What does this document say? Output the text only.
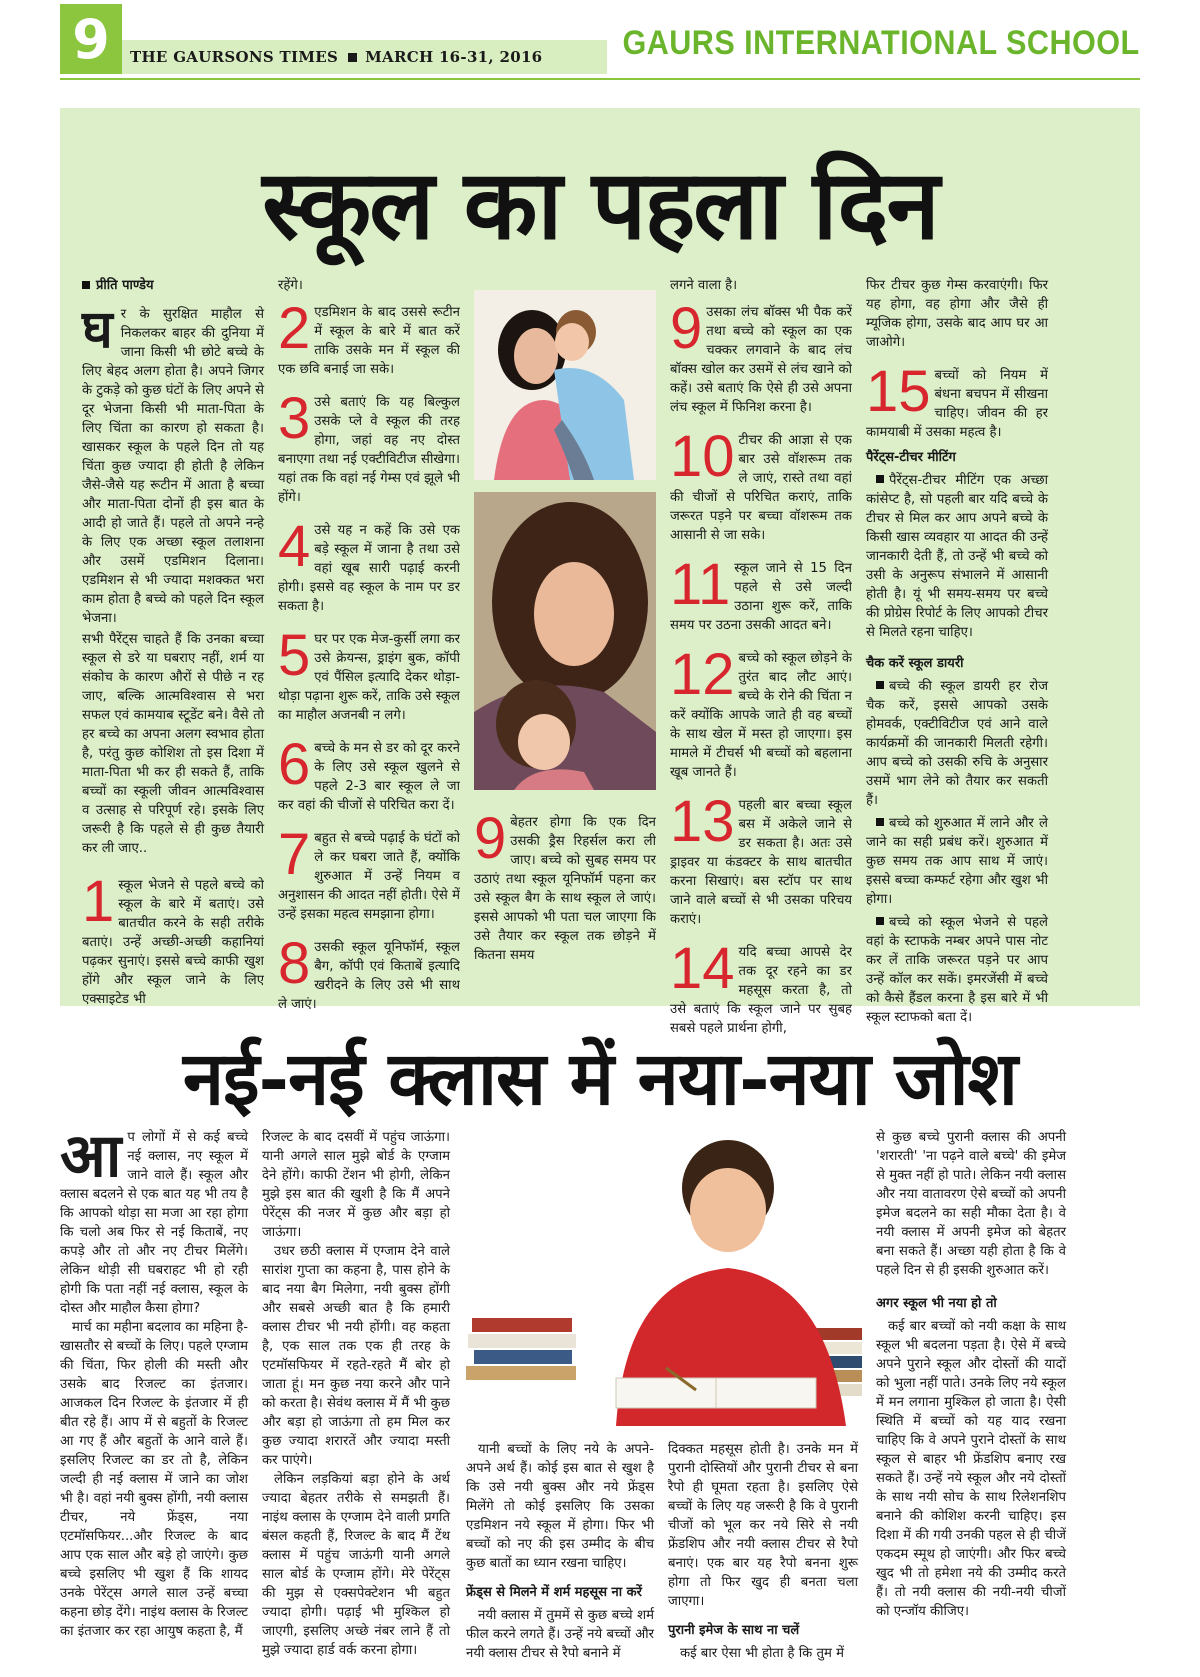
9	THE GAURSONS TIMES MARCH 16-31, 2016 GAURS INTERNATIONAL SCHOOL
स्कूल का पहला दिन
प्रीति पाण्डेय

घर के सुरक्षित माहौल से निकलकर बाहर की दुनिया में जाना किसी भी छोटे बच्चे के लिए बेहद अलग होता है। अपने जिगर के टुकड़े को कुछ घंटों के लिए अपने से दूर भेजना किसी भी माता-पिता के लिए चिंता का कारण हो सकता है। खासकर स्कूल के पहले दिन तो यह चिंता कुछ ज्यादा ही होती है लेकिन जैसे-जैसे यह रूटीन में आता है बच्चा और माता-पिता दोनों ही इस बात के आदी हो जाते हैं। पहले तो अपने नन्हे के लिए एक अच्छा स्कूल तलाशना और उसमें एडमिशन दिलाना। एडमिशन से भी ज्यादा मशक्कत भरा काम होता है बच्चे को पहले दिन स्कूल भेजना।

सभी पैरेंट्स चाहते हैं कि उनका बच्चा स्कूल से डरे या घबराए नहीं, शर्म या संकोच के कारण औरों से पीछे न रह जाए, बल्कि आत्मविश्वास से भरा सफल एवं कामयाब स्टूडेंट बने। वैसे तो हर बच्चे का अपना अलग स्वभाव होता है, परंतु कुछ कोशिश तो इस दिशा में माता-पिता भी कर ही सकते हैं, ताकि बच्चों का स्कूली जीवन आत्मविश्वास व उत्साह से परिपूर्ण रहे। इसके लिए जरूरी है कि पहले से ही कुछ तैयारी कर ली जाए..

1 स्कूल भेजने से पहले बच्चे को स्कूल के बारे में बताएं। उसे बातचीत करने के सही तरीके बताएं। उन्हें अच्छी-अच्छी कहानियां पढ़कर सुनाएं। इससे बच्चे काफी खुश होंगे और स्कूल जाने के लिए एक्साइटेड भी

रहेंगे।

2 एडमिशन के बाद उससे रूटीन में स्कूल के बारे में बात करें ताकि उसके मन में स्कूल की एक छवि बनाई जा सके।
3 उसे बताएं कि यह बिल्कुल उसके प्ले वे स्कूल की तरह होगा, जहां वह नए दोस्त बनाएगा तथा नई एक्टीविटीज सीखेगा। यहां तक कि वहां नई गेम्स एवं झूले भी होंगे।
4 उसे यह न कहें कि उसे एक बड़े स्कूल में जाना है तथा उसे वहां खूब सारी पढ़ाई करनी होगी। इससे वह स्कूल के नाम पर डर सकता है।
5 घर पर एक मेज-कुर्सी लगा कर उसे क्रेयन्स, ड्राइंग बुक, कॉपी एवं पैंसिल इत्यादि देकर थोड़ा-थोड़ा पढ़ाना शुरू करें, ताकि उसे स्कूल का माहौल अजनबी न लगे।
6 बच्चे के मन से डर को दूर करने के लिए उसे स्कूल खुलने से पहले 2-3 बार स्कूल ले जा कर वहां की चीजों से परिचित करा दें।
7 बहुत से बच्चे पढ़ाई के घंटों को ले कर घबरा जाते हैं, क्योंकि शुरुआत में उन्हें नियम व अनुशासन की आदत नहीं होती। ऐसे में उन्हें इसका महत्व समझाना होगा।
8 उसकी स्कूल यूनिफॉर्म, स्कूल बैग, कॉपी एवं किताबें इत्यादि खरीदने के लिए उसे भी साथ ले जाएं।
9 बेहतर होगा कि एक दिन उसकी ड्रैस रिहर्सल करा ली जाए। बच्चे को सुबह समय पर उठाएं तथा स्कूल यूनिफॉर्म पहना कर उसे स्कूल बैग के साथ स्कूल ले जाएं। इससे आपको भी पता चल जाएगा कि उसे तैयार कर स्कूल तक छोड़ने में कितना समय

लगने वाला है।

9 उसका लंच बॉक्स भी पैक करें तथा बच्चे को स्कूल का एक चक्कर लगवाने के बाद लंच बॉक्स खोल कर उसमें से लंच खाने को कहें। उसे बताएं कि ऐसे ही उसे अपना लंच स्कूल में फिनिश करना है।
10 टीचर की आज्ञा से एक बार उसे वॉशरूम तक ले जाएं, रास्ते तथा वहां की चीजों से परिचित कराएं, ताकि जरूरत पड़ने पर बच्चा वॉशरूम तक आसानी से जा सके।
11 स्कूल जाने से 15 दिन पहले से उसे जल्दी उठाना शुरू करें, ताकि समय पर उठना उसकी आदत बने।
12 बच्चे को स्कूल छोड़ने के तुरंत बाद लौट आएं। बच्चे के रोने की चिंता न करें क्योंकि आपके जाते ही वह बच्चों के साथ खेल में मस्त हो जाएगा। इस मामले में टीचर्स भी बच्चों को बहलाना खूब जानते हैं।
13 पहली बार बच्चा स्कूल बस में अकेले जाने से डर सकता है। अतः उसे ड्राइवर या कंडक्टर के साथ बातचीत करना सिखाएं। बस स्टॉप पर साथ जाने वाले बच्चों से भी उसका परिचय कराएं।
14 यदि बच्चा आपसे देर तक दूर रहने का डर महसूस करता है, तो उसे बताएं कि स्कूल जाने पर सुबह सबसे पहले प्रार्थना होगी,

फिर टीचर कुछ गेम्स करवाएंगी। फिर यह होगा, वह होगा और जैसे ही म्यूजिक होगा, उसके बाद आप घर आ जाओगे।

15 बच्चों को नियम में बंधना बचपन में सीखना चाहिए। जीवन की हर कामयाबी में उसका महत्व है।
पैरेंट्स-टीचर मीटिंग

पैरेंट्स-टीचर मीटिंग एक अच्छा कांसेप्ट है, सो पहली बार यदि बच्चे के टीचर से मिल कर आप अपने बच्चे के किसी खास व्यवहार या आदत की उन्हें जानकारी देती हैं, तो उन्हें भी बच्चे को उसी के अनुरूप संभालने में आसानी होती है। यूं भी समय-समय पर बच्चे की प्रोग्रेस रिपोर्ट के लिए आपको टीचर से मिलते रहना चाहिए।

चैक करें स्कूल डायरी

बच्चे की स्कूल डायरी हर रोज चैक करें, इससे आपको उसके होमवर्क, एक्टीविटीज एवं आने वाले कार्यक्रमों की जानकारी मिलती रहेगी। आप बच्चे को उसकी रुचि के अनुसार उसमें भाग लेने को तैयार कर सकती हैं।

बच्चे को शुरुआत में लाने और ले जाने का सही प्रबंध करें। शुरुआत में कुछ समय तक आप साथ में जाएं। इससे बच्चा कम्फर्ट रहेगा और खुश भी होगा।

बच्चे को स्कूल भेजने से पहले वहां के स्टाफके नम्बर अपने पास नोट कर लें ताकि जरूरत पड़ने पर आप उन्हें कॉल कर सकें। इमरजेंसी में बच्चे को कैसे हैंडल करना है इस बारे में भी स्कूल स्टाफको बता दें।

नई-नई क्लास में नया-नया जोश

आप लोगों में से कई बच्चे नई क्लास, नए स्कूल में जाने वाले हैं। स्कूल और क्लास बदलने से एक बात यह भी तय है कि आपको थोड़ा सा मजा आ रहा होगा कि चलो अब फिर से नई किताबें, नए कपड़े और तो और नए टीचर मिलेंगे। लेकिन थोड़ी सी घबराहट भी हो रही होगी कि पता नहीं नई क्लास, स्कूल के दोस्त और माहौल कैसा होगा?

मार्च का महीना बदलाव का महिना है-खासतौर से बच्चों के लिए। पहले एग्जाम की चिंता, फिर होली की मस्ती और उसके बाद रिजल्ट का इंतजार। आजकल दिन रिजल्ट के इंतजार में ही बीत रहे हैं। आप में से बहुतों के रिजल्ट आ गए हैं और बहुतों के आने वाले हैं। इसलिए रिजल्ट का डर तो है, लेकिन जल्दी ही नई क्लास में जाने का जोश भी है। वहां नयी बुक्स होंगी, नयी क्लास टीचर, नये फ्रेंड्स, नया एटमॉसफियर...और रिजल्ट के बाद आप एक साल और बड़े हो जाएंगे। कुछ बच्चे इसलिए भी खुश हैं कि शायद उनके पेरेंट्स अगले साल उन्हें बच्चा कहना छोड़ देंगे। नाइंथ क्लास के रिजल्ट का इंतजार कर रहा आयुष कहता है, मैं

रिजल्ट के बाद दसवीं में पहुंच जाऊंगा। यानी अगले साल मुझे बोर्ड के एग्जाम देने होंगे। काफी टेंशन भी होगी, लेकिन मुझे इस बात की खुशी है कि मैं अपने पेरेंट्स की नजर में कुछ और बड़ा हो जाऊंगा।

उधर छठी क्लास में एग्जाम देने वाले सारांश गुप्ता का कहना है, पास होने के बाद नया बैग मिलेगा, नयी बुक्स होंगी और सबसे अच्छी बात है कि हमारी क्लास टीचर भी नयी होंगी। वह कहता है, एक साल तक एक ही तरह के एटमॉसफियर में रहते-रहते मैं बोर हो जाता हूं। मन कुछ नया करने और पाने को करता है। सेवंथ क्लास में मैं भी कुछ और बड़ा हो जाऊंगा तो हम मिल कर कुछ ज्यादा शरारतें और ज्यादा मस्ती कर पाएंगे।

लेकिन लड़कियां बड़ा होने के अर्थ ज्यादा बेहतर तरीके से समझती हैं। नाइंथ क्लास के एग्जाम देने वाली प्रगति बंसल कहती हैं, रिजल्ट के बाद मैं टेंथ क्लास में पहुंच जाऊंगी यानी अगले साल बोर्ड के एग्जाम होंगे। मेरे पेरेंट्स की मुझ से एक्सपेक्टेशन भी बहुत ज्यादा होगी। पढ़ाई भी मुश्किल हो जाएगी, इसलिए अच्छे नंबर लाने हैं तो मुझे ज्यादा हार्ड वर्क करना होगा।

यानी बच्चों के लिए नये के अपने-अपने अर्थ हैं। कोई इस बात से खुश है कि उसे नयी बुक्स और नये फ्रेंड्स मिलेंगे तो कोई इसलिए कि उसका एडमिशन नये स्कूल में होगा। फिर भी बच्चों को नए की इस उम्मीद के बीच कुछ बातों का ध्यान रखना चाहिए।

फ्रेंड्स से मिलने में शर्म महसूस ना करें

नयी क्लास में तुममें से कुछ बच्चे शर्म फील करने लगते हैं। उन्हें नये बच्चों और नयी क्लास टीचर से रैपो बनाने में

दिक्कत महसूस होती है। उनके मन में पुरानी दोस्तियों और पुरानी टीचर से बना रैपो ही घूमता रहता है। इसलिए ऐसे बच्चों के लिए यह जरूरी है कि वे पुरानी चीजों को भूल कर नये सिरे से नयी फ्रेंडशिप और नयी क्लास टीचर से रैपो बनाएं। एक बार यह रैपो बनना शुरू होगा तो फिर खुद ही बनता चला जाएगा।

पुरानी इमेज के साथ ना चलें

कई बार ऐसा भी होता है कि तुम में

से कुछ बच्चे पुरानी क्लास की अपनी 'शरारती' 'ना पढ़ने वाले बच्चे' की इमेज से मुक्त नहीं हो पाते। लेकिन नयी क्लास और नया वातावरण ऐसे बच्चों को अपनी इमेज बदलने का सही मौका देता है। वे नयी क्लास में अपनी इमेज को बेहतर बना सकते हैं। अच्छा यही होता है कि वे पहले दिन से ही इसकी शुरुआत करें।

अगर स्कूल भी नया हो तो

कई बार बच्चों को नयी कक्षा के साथ स्कूल भी बदलना पड़ता है। ऐसे में बच्चे अपने पुराने स्कूल और दोस्तों की यादों को भुला नहीं पाते। उनके लिए नये स्कूल में मन लगाना मुश्किल हो जाता है। ऐसी स्थिति में बच्चों को यह याद रखना चाहिए कि वे अपने पुराने दोस्तों के साथ स्कूल से बाहर भी फ्रेंडशिप बनाए रख सकते हैं। उन्हें नये स्कूल और नये दोस्तों के साथ नयी सोच के साथ रिलेशनशिप बनाने की कोशिश करनी चाहिए। इस दिशा में की गयी उनकी पहल से ही चीजें एकदम स्मूथ हो जाएंगी। और फिर बच्चे खुद भी तो हमेशा नये की उम्मीद करते हैं। तो नयी क्लास की नयी-नयी चीजों को एन्जॉय कीजिए।
